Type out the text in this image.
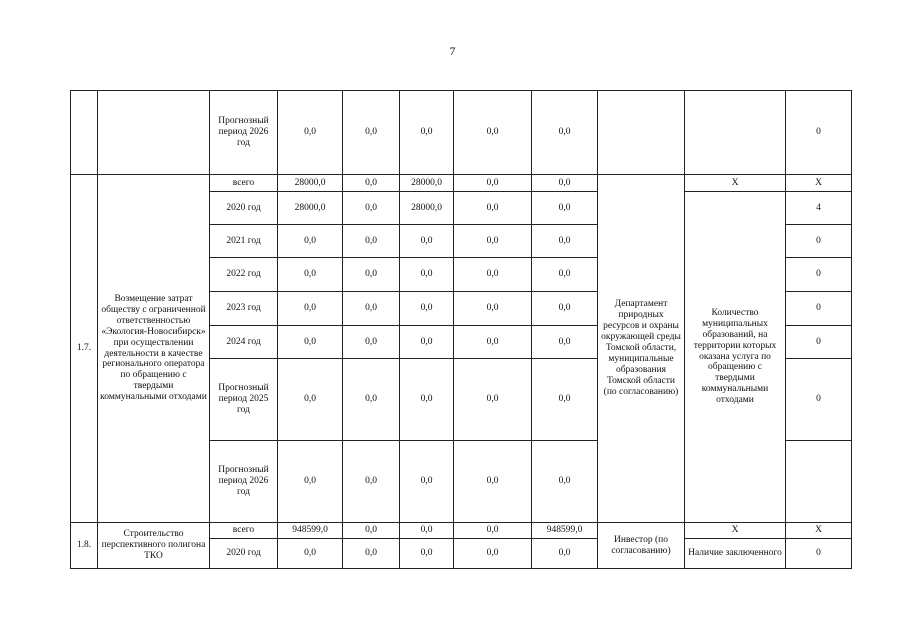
7
		Прогнозный период 2026 год	0,0	0,0	0,0	0,0	0,0			0	
1.7.	Возмещение затрат обществу с ограниченной ответственностью «Экология-Новосибирск» при осуществлении деятельности в качестве регионального оператора по обращению с твердыми коммунальными отходами	всего	28000,0	0,0	28000,0	0,0	0,0	Департамент природных ресурсов и охраны окружающей среды Томской области, муниципальные образования Томской области (по согласованию)	X	X	
		2020 год	28000,0	0,0	28000,0	0,0	0,0		Количество муниципальных образований, на территории которых оказана услуга по обращению с твердыми коммунальными отходами	4	
		2021 год	0,0	0,0	0,0	0,0	0,0			0	
		2022 год	0,0	0,0	0,0	0,0	0,0			0	
		2023 год	0,0	0,0	0,0	0,0	0,0			0	
		2024 год	0,0	0,0	0,0	0,0	0,0			0	
		Прогнозный период 2025 год	0,0	0,0	0,0	0,0	0,0			0	
		Прогнозный период 2026 год	0,0	0,0	0,0	0,0	0,0		
1.8.	Строительство перспективного полигона ТКО	всего	948599,0	0,0	0,0	0,0	948599,0	Инвестор (по согласованию)	X	X	
		2020 год	0,0	0,0	0,0	0,0	0,0		Наличие заключенного	0	
